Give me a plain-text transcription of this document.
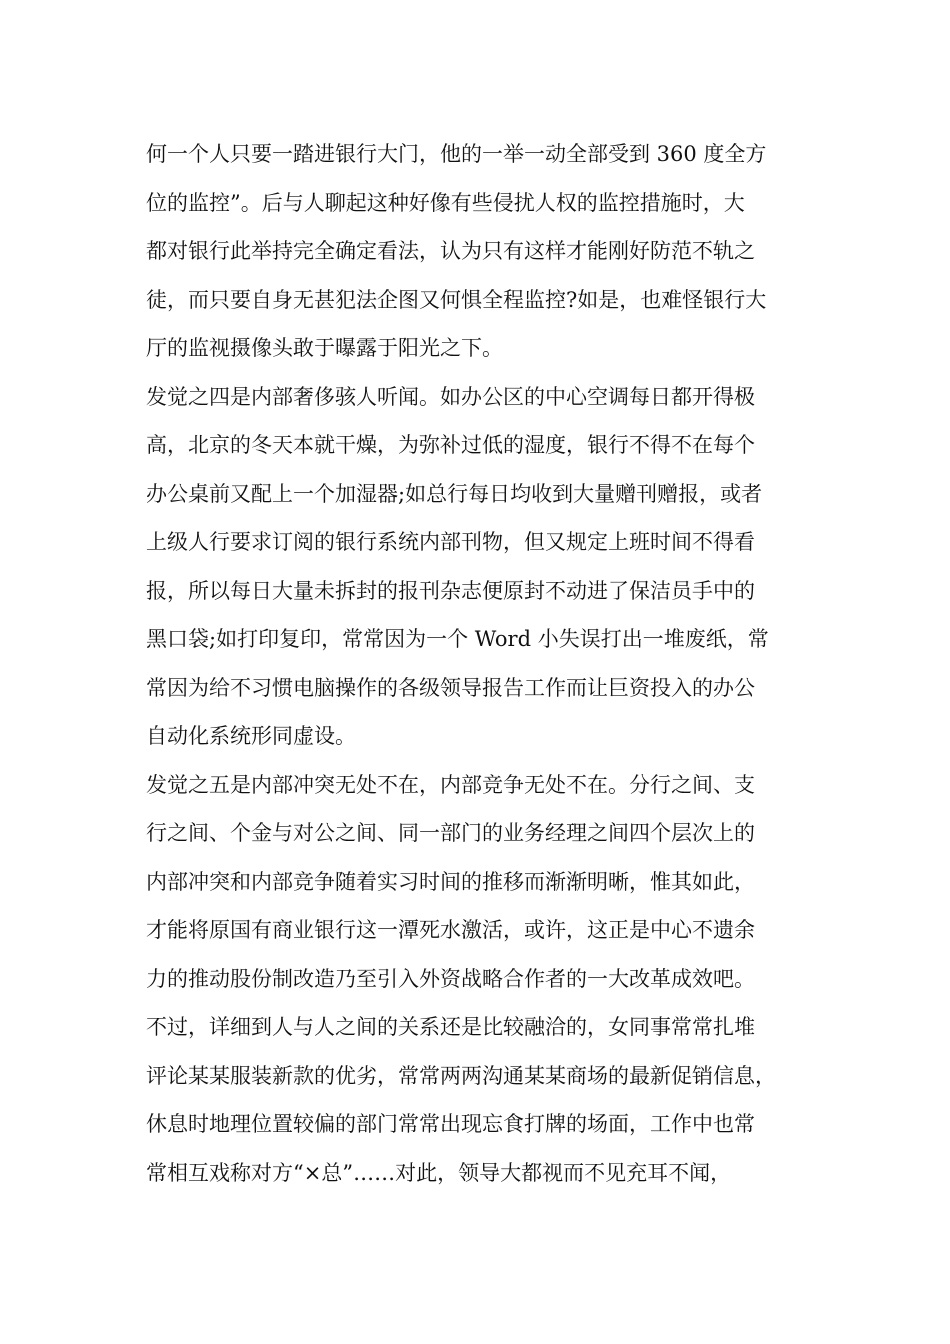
何一个人只要一踏进银行大门，他的一举一动全部受到 360 度全方
位的监控”。后与人聊起这种好像有些侵扰人权的监控措施时，大
都对银行此举持完全确定看法，认为只有这样才能刚好防范不轨之
徒，而只要自身无甚犯法企图又何惧全程监控?如是，也难怪银行大
厅的监视摄像头敢于曝露于阳光之下。
发觉之四是内部奢侈骇人听闻。如办公区的中心空调每日都开得极
高，北京的冬天本就干燥，为弥补过低的湿度，银行不得不在每个
办公桌前又配上一个加湿器;如总行每日均收到大量赠刊赠报，或者
上级人行要求订阅的银行系统内部刊物，但又规定上班时间不得看
报，所以每日大量未拆封的报刊杂志便原封不动进了保洁员手中的
黑口袋;如打印复印，常常因为一个 Word 小失误打出一堆废纸，常
常因为给不习惯电脑操作的各级领导报告工作而让巨资投入的办公
自动化系统形同虚设。
发觉之五是内部冲突无处不在，内部竞争无处不在。分行之间、支
行之间、个金与对公之间、同一部门的业务经理之间四个层次上的
内部冲突和内部竞争随着实习时间的推移而渐渐明晰，惟其如此，
才能将原国有商业银行这一潭死水激活，或许，这正是中心不遗余
力的推动股份制改造乃至引入外资战略合作者的一大改革成效吧。
不过，详细到人与人之间的关系还是比较融洽的，女同事常常扎堆
评论某某服装新款的优劣，常常两两沟通某某商场的最新促销信息，
休息时地理位置较偏的部门常常出现忘食打牌的场面，工作中也常
常相互戏称对方“×总”……对此，领导大都视而不见充耳不闻，
